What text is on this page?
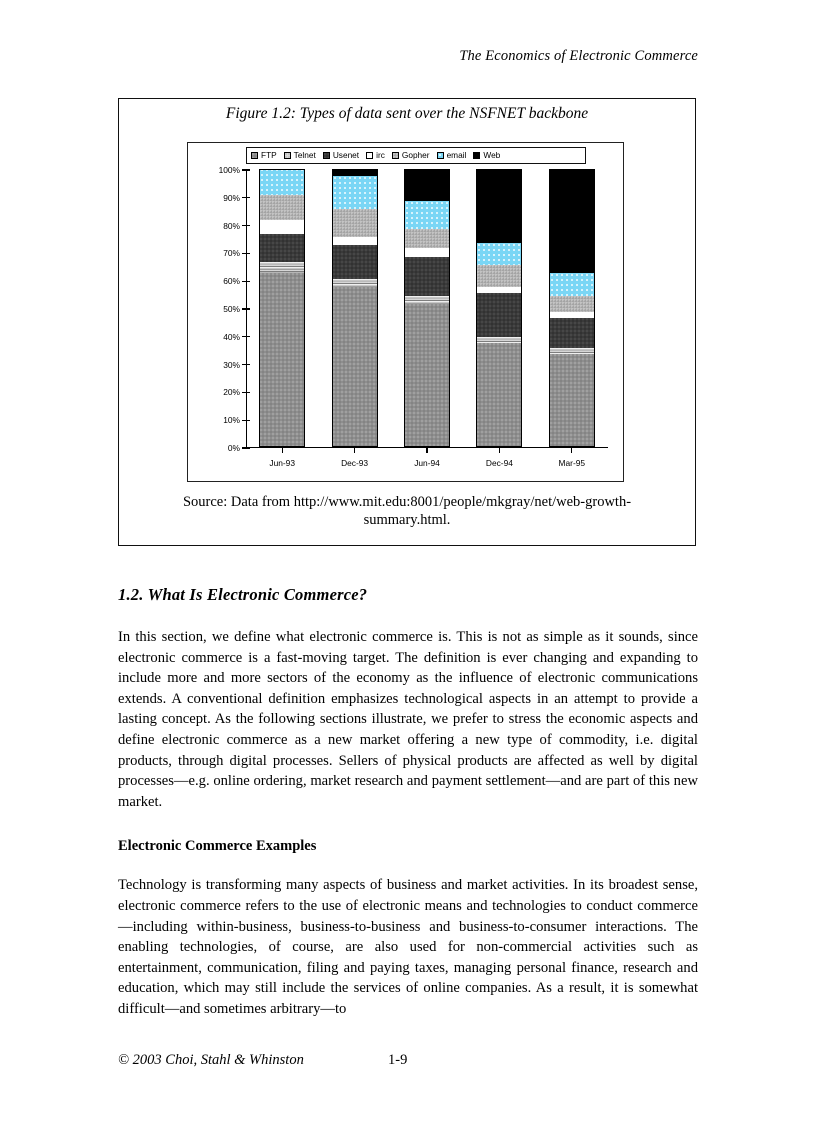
The Economics of Electronic Commerce
Figure 1.2: Types of data sent over the NSFNET backbone
FTP Telnet Usenet irc Gopher email Web
0%
10%
20%
30%
40%
50%
60%
70%
80%
90%
100%
Jun-93	Dec-93	Jun-94	Dec-94	Mar-95
Source: Data from http://www.mit.edu:8001/people/mkgray/net/web-growth-summary.html.
1.2. What Is Electronic Commerce?

In this section, we define what electronic commerce is. This is not as simple as it sounds, since electronic commerce is a fast-moving target. The definition is ever changing and expanding to include more and more sectors of the economy as the influence of electronic communications extends. A conventional definition emphasizes technological aspects in an attempt to provide a lasting concept. As the following sections illustrate, we prefer to stress the economic aspects and define electronic commerce as a new market offering a new type of commodity, i.e. digital products, through digital processes. Sellers of physical products are affected as well by digital processes—e.g. online ordering, market research and payment settlement—and are part of this new market.

Electronic Commerce Examples

Technology is transforming many aspects of business and market activities. In its broadest sense, electronic commerce refers to the use of electronic means and technologies to conduct commerce—including within-business, business-to-business and business-to-consumer interactions. The enabling technologies, of course, are also used for non-commercial activities such as entertainment, communication, filing and paying taxes, managing personal finance, research and education, which may still include the services of online companies. As a result, it is somewhat difficult—and sometimes arbitrary—to

© 2003 Choi, Stahl & Whinston	1-9
